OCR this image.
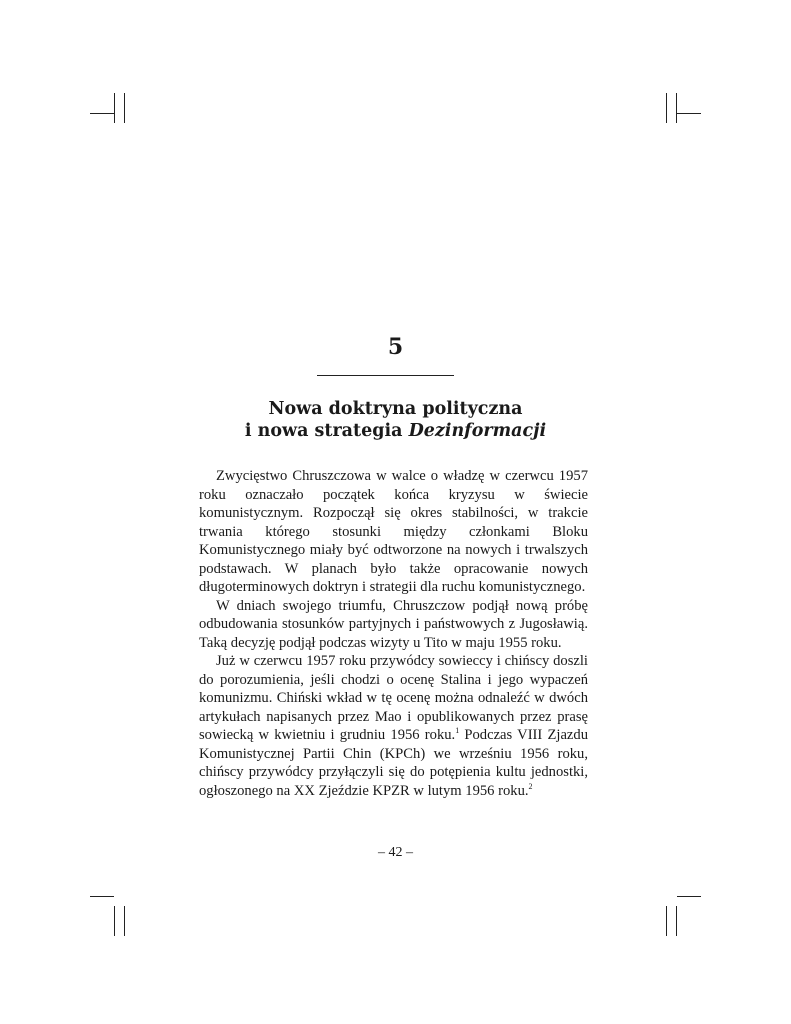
5
Nowa doktryna polityczna
i nowa strategia Dezinformacji

Zwycięstwo Chruszczowa w walce o władzę w czerwcu 1957 roku oznaczało początek końca kryzysu w świecie komunistycznym. Rozpoczął się okres stabilności, w trakcie trwania którego stosunki między członkami Bloku Komunistycznego miały być odtworzone na nowych i trwalszych podstawach. W planach było także opracowanie nowych długoterminowych doktryn i strategii dla ruchu komunistycznego.

W dniach swojego triumfu, Chruszczow podjął nową próbę odbudowania stosunków partyjnych i państwowych z Jugosławią. Taką decyzję podjął podczas wizyty u Tito w maju 1955 roku.

Już w czerwcu 1957 roku przywódcy sowieccy i chińscy doszli do porozumienia, jeśli chodzi o ocenę Stalina i jego wypaczeń komunizmu. Chiński wkład w tę ocenę można odnaleźć w dwóch artykułach napisanych przez Mao i opublikowanych przez prasę sowiecką w kwietniu i grudniu 1956 roku.$^1$ Podczas VIII Zjazdu Komunistycznej Partii Chin (KPCh) we wrześniu 1956 roku, chińscy przywódcy przyłączyli się do potępienia kultu jednostki, ogłoszonego na XX Zjeździe KPZR w lutym 1956 roku.$^2$

– 42 –
